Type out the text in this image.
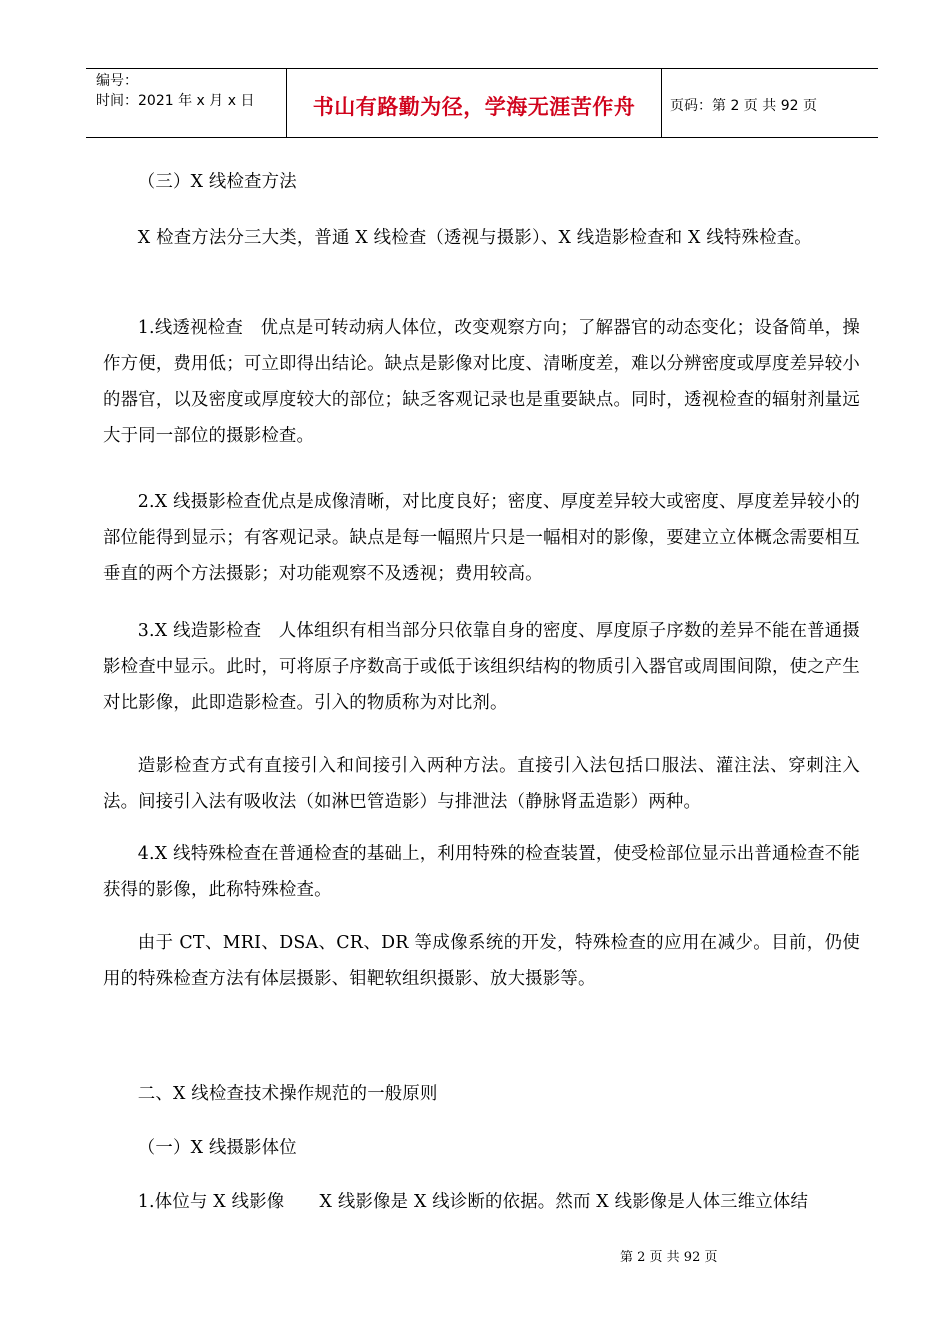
编号：
时间：2021 年 x 月 x 日	书山有路勤为径，学海无涯苦作舟	页码：第 2 页 共 92 页

（三）X 线检查方法

X 检查方法分三大类，普通 X 线检查（透视与摄影）、X 线造影检查和 X 线特殊检查。

1.线透视检查　优点是可转动病人体位，改变观察方向；了解器官的动态变化；设备简单，操作方便，费用低；可立即得出结论。缺点是影像对比度、清晰度差，难以分辨密度或厚度差异较小的器官，以及密度或厚度较大的部位；缺乏客观记录也是重要缺点。同时，透视检查的辐射剂量远大于同一部位的摄影检查。

2.X 线摄影检查优点是成像清晰，对比度良好；密度、厚度差异较大或密度、厚度差异较小的部位能得到显示；有客观记录。缺点是每一幅照片只是一幅相对的影像，要建立立体概念需要相互垂直的两个方法摄影；对功能观察不及透视；费用较高。

3.X 线造影检查　人体组织有相当部分只依靠自身的密度、厚度原子序数的差异不能在普通摄影检查中显示。此时，可将原子序数高于或低于该组织结构的物质引入器官或周围间隙，使之产生对比影像，此即造影检查。引入的物质称为对比剂。

造影检查方式有直接引入和间接引入两种方法。直接引入法包括口服法、灌注法、穿刺注入法。间接引入法有吸收法（如淋巴管造影）与排泄法（静脉肾盂造影）两种。

4.X 线特殊检查在普通检查的基础上，利用特殊的检查装置，使受检部位显示出普通检查不能获得的影像，此称特殊检查。

由于 CT、MRI、DSA、CR、DR 等成像系统的开发，特殊检查的应用在减少。目前，仍使用的特殊检查方法有体层摄影、钼靶软组织摄影、放大摄影等。

二、X 线检查技术操作规范的一般原则

（一）X 线摄影体位

1.体位与 X 线影像　　X 线影像是 X 线诊断的依据。然而 X 线影像是人体三维立体结

第 2 页 共 92 页
